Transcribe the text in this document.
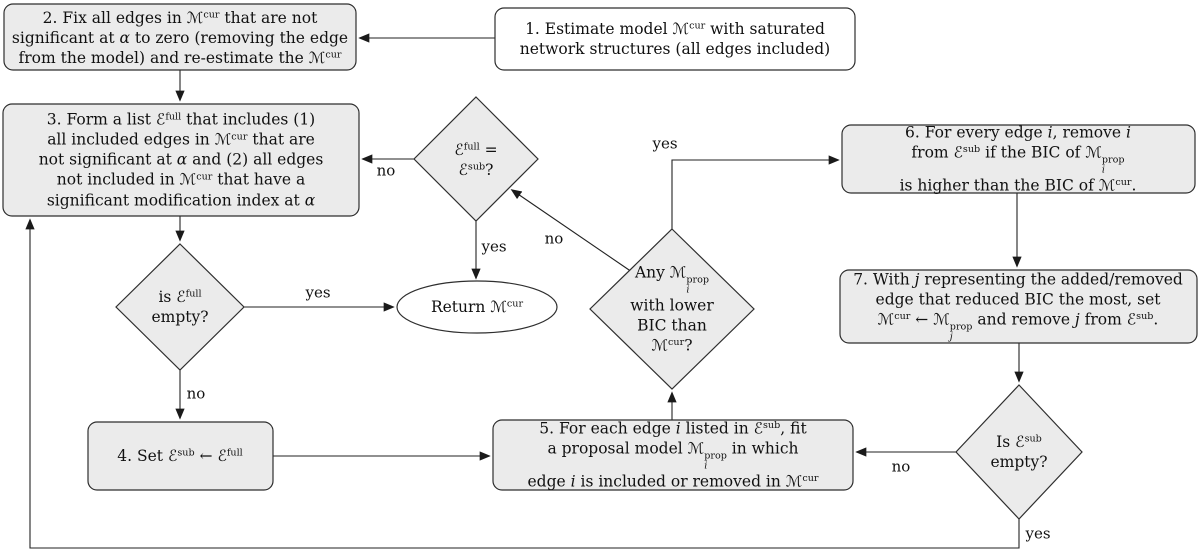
1. Estimate model ℳ$^{cur}$ with saturated
network structures (all edges included)
2. Fix all edges in ℳ$^{cur}$ that are not
significant at α to zero (removing the edge
from the model) and re-estimate the ℳ$^{cur}$
3. Form a list ℰ$^{full}$ that includes (1)
all included edges in ℳ$^{cur}$ that are
not significant at α and (2) all edges
not included in ℳ$^{cur}$ that have a
significant modification index at α
4. Set ℰ$^{sub}$ ← ℰ$^{full}$
5. For each edge i listed in ℰ$^{sub}$, fit
a proposal model ℳ prop
i
in which
edge i is included or removed in ℳ$^{cur}$
6. For every edge i, remove i
from ℰ$^{sub}$ if the BIC of ℳ prop
i

is higher than the BIC of ℳ$^{cur}$.
7. With j representing the added/removed
edge that reduced BIC the most, set
ℳ$^{cur}$ ← ℳ prop
j
and remove j from ℰ$^{sub}$.
ℰ$^{full}$ =
ℰ$^{sub}$?
is ℰ$^{full}$
empty?
Any ℳ prop
i

with lower
BIC than
ℳ$^{cur}$?
Is ℰ$^{sub}$
empty?
Return ℳ$^{cur}$
no
yes	no
yes
yes
no
no
yes
